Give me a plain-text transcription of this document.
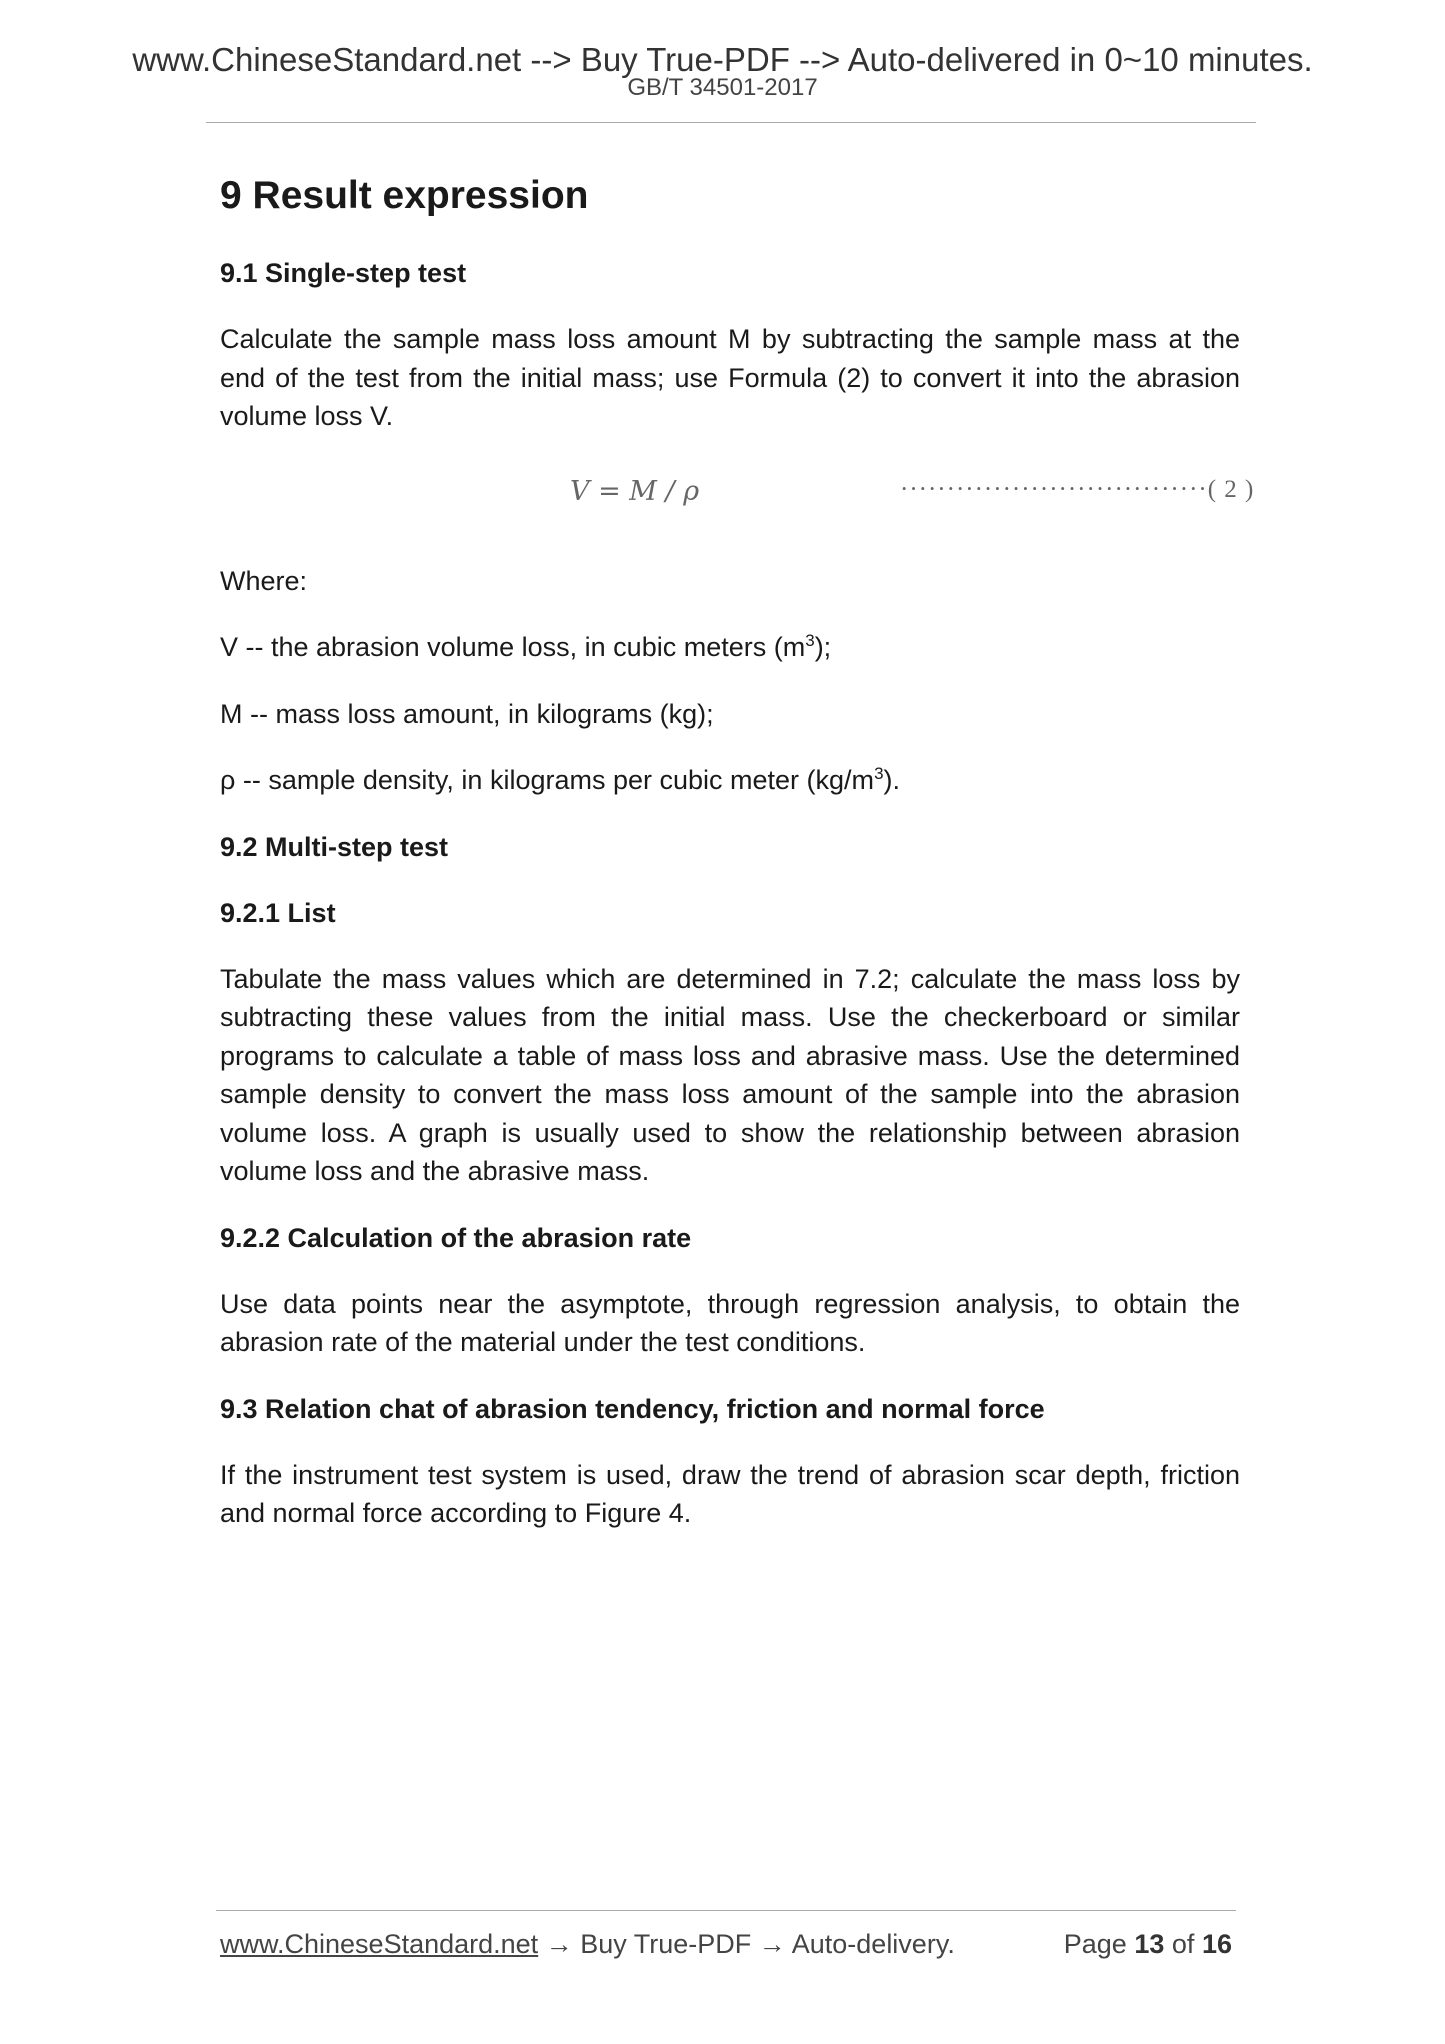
www.ChineseStandard.net --> Buy True-PDF --> Auto-delivered in 0~10 minutes.
GB/T 34501-2017
9 Result expression
9.1 Single-step test

Calculate the sample mass loss amount M by subtracting the sample mass at the end of the test from the initial mass; use Formula (2) to convert it into the abrasion volume loss V.

V = M / ρ	·································( 2 )

Where:

V -- the abrasion volume loss, in cubic meters $(m^3)$;

M -- mass loss amount, in kilograms (kg);

ρ -- sample density, in kilograms per cubic meter $(kg/m^3)$.

9.2 Multi-step test
9.2.1 List

Tabulate the mass values which are determined in 7.2; calculate the mass loss by subtracting these values from the initial mass. Use the checkerboard or similar programs to calculate a table of mass loss and abrasive mass. Use the determined sample density to convert the mass loss amount of the sample into the abrasion volume loss. A graph is usually used to show the relationship between abrasion volume loss and the abrasive mass.

9.2.2 Calculation of the abrasion rate

Use data points near the asymptote, through regression analysis, to obtain the abrasion rate of the material under the test conditions.

9.3 Relation chat of abrasion tendency, friction and normal force

If the instrument test system is used, draw the trend of abrasion scar depth, friction and normal force according to Figure 4.

www.ChineseStandard.net → Buy True-PDF → Auto-delivery.	Page 13 of 16
